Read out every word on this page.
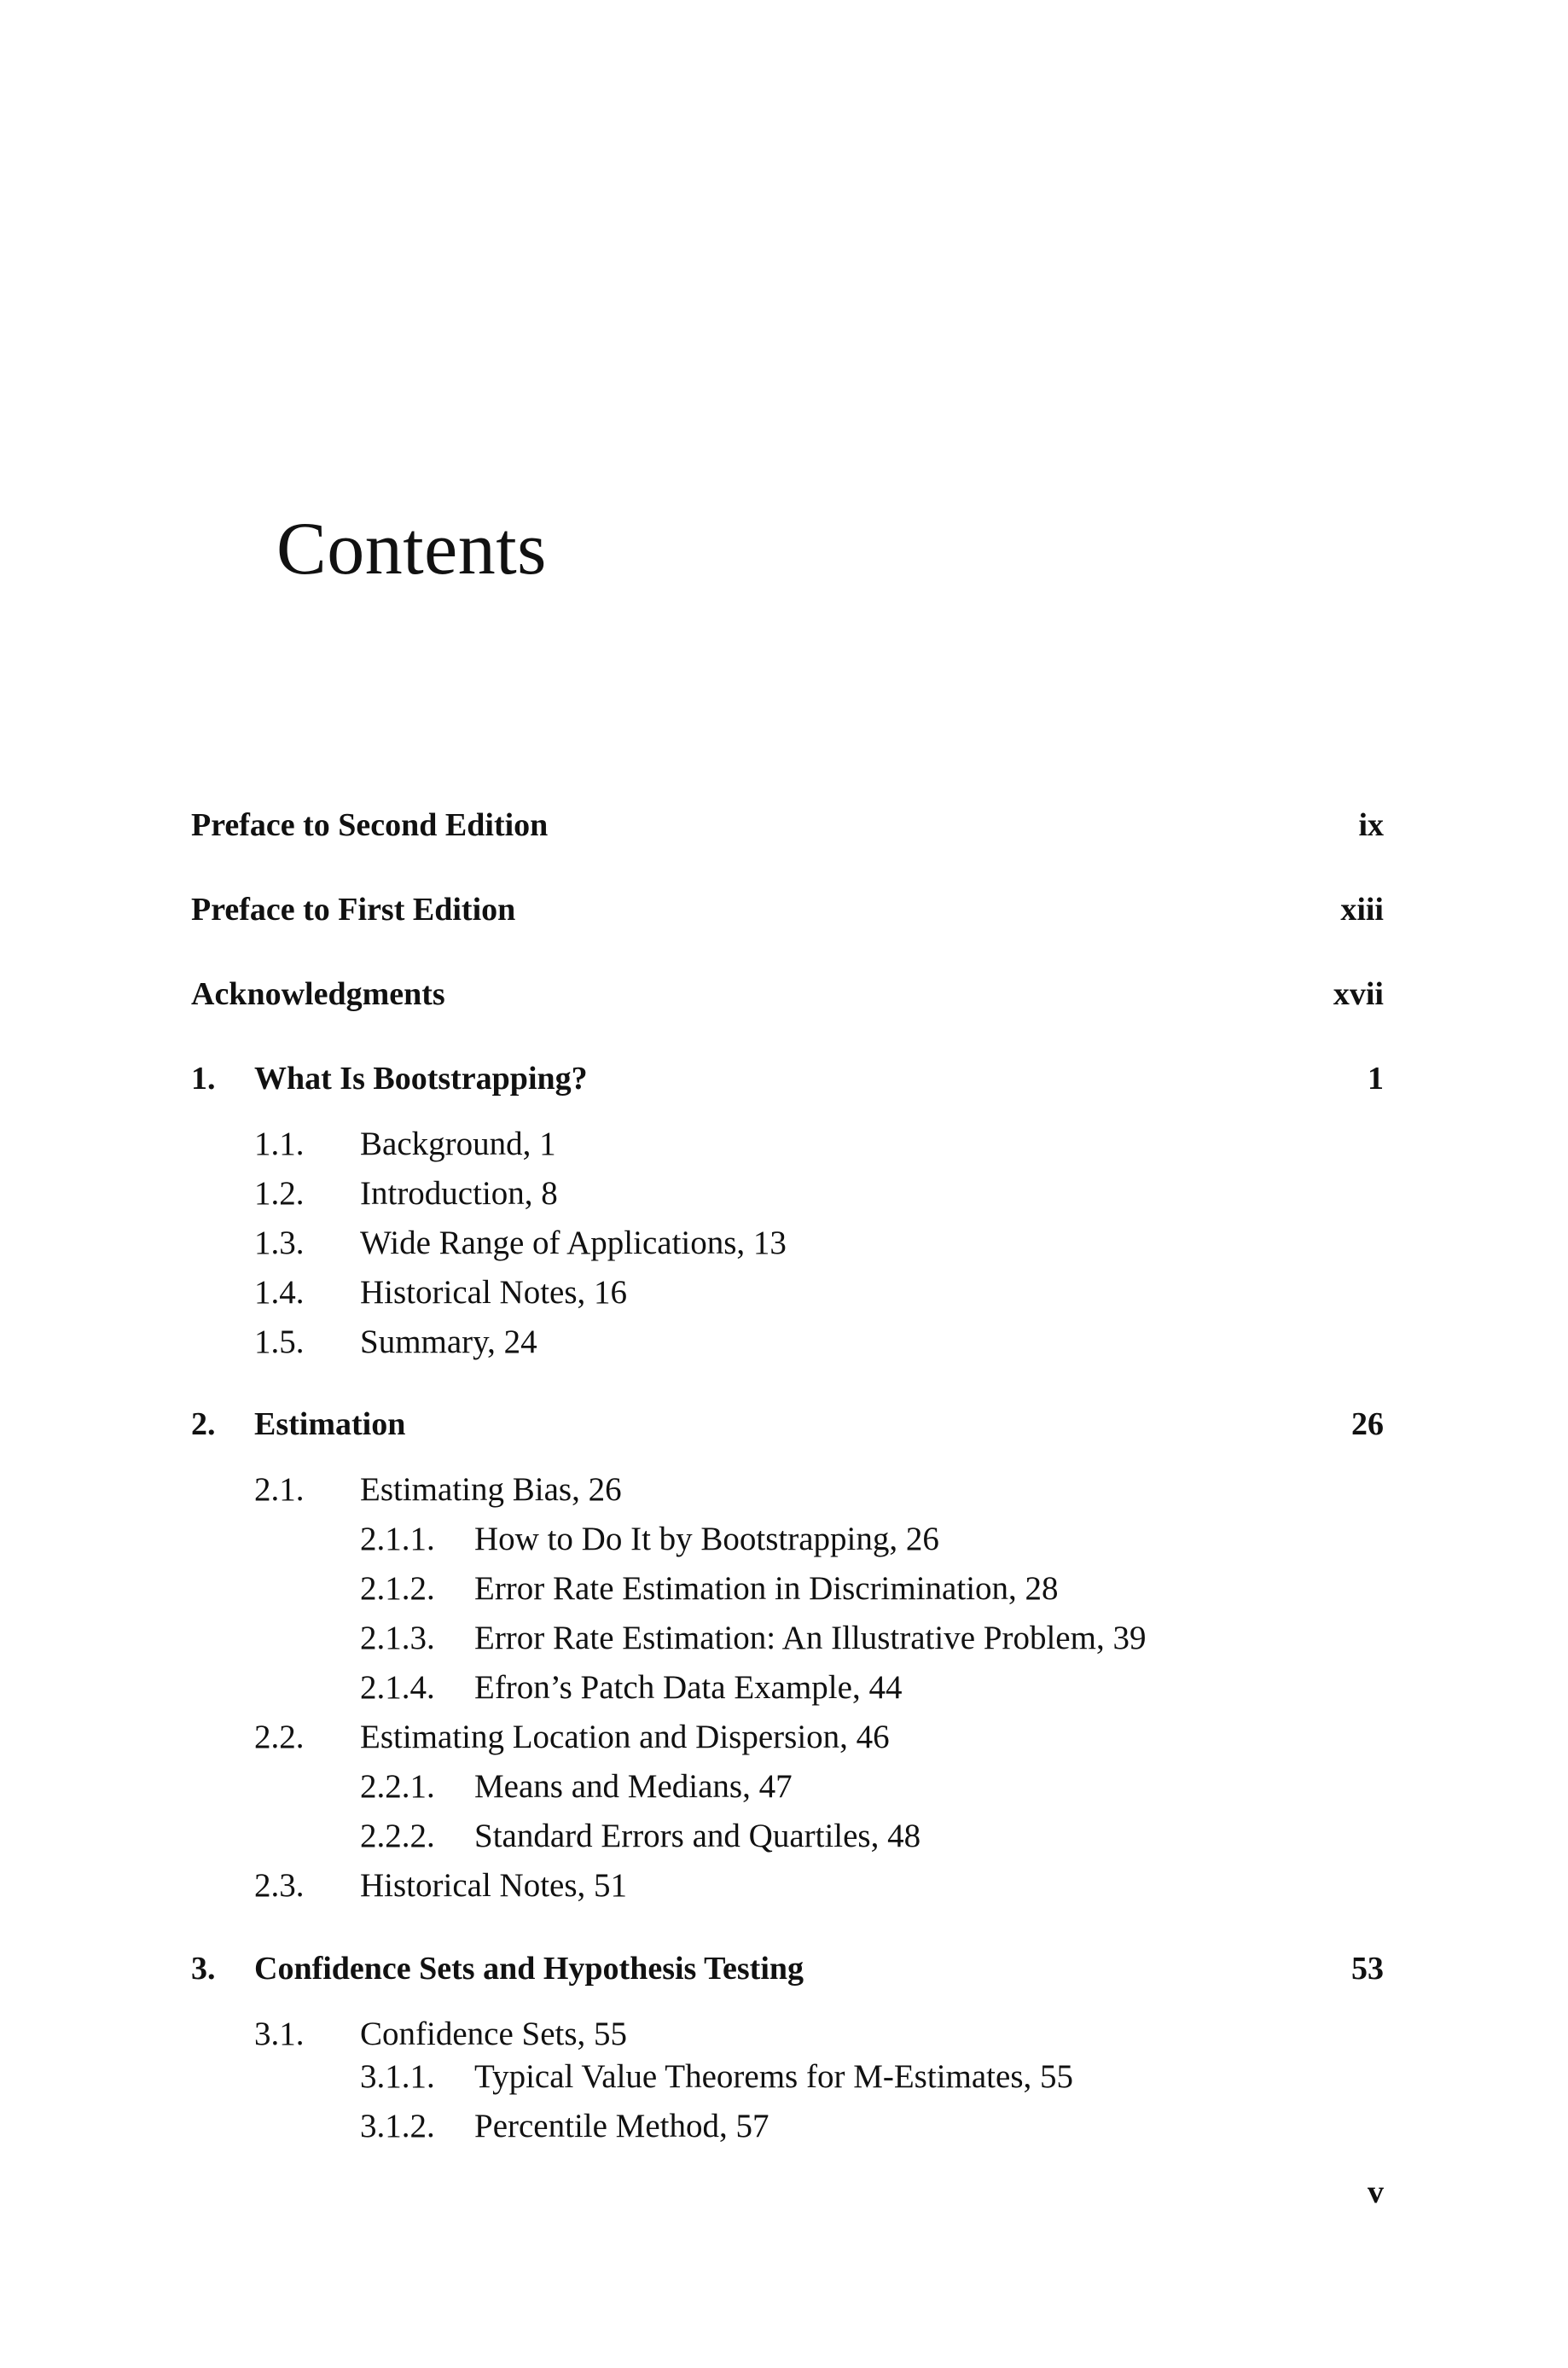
Contents
Preface to Second Edition	ix
Preface to First Edition	xiii
Acknowledgments	xvii
1. What Is Bootstrapping?	1
1.1. Background, 1
1.2. Introduction, 8
1.3. Wide Range of Applications, 13
1.4. Historical Notes, 16
1.5. Summary, 24
2. Estimation	26
2.1. Estimating Bias, 26
2.1.1. How to Do It by Bootstrapping, 26
2.1.2. Error Rate Estimation in Discrimination, 28
2.1.3. Error Rate Estimation: An Illustrative Problem, 39
2.1.4. Efron’s Patch Data Example, 44
2.2. Estimating Location and Dispersion, 46
2.2.1. Means and Medians, 47
2.2.2. Standard Errors and Quartiles, 48
2.3. Historical Notes, 51
3. Confidence Sets and Hypothesis Testing	53
3.1. Confidence Sets, 55
3.1.1. Typical Value Theorems for M-Estimates, 55
3.1.2. Percentile Method, 57
v
